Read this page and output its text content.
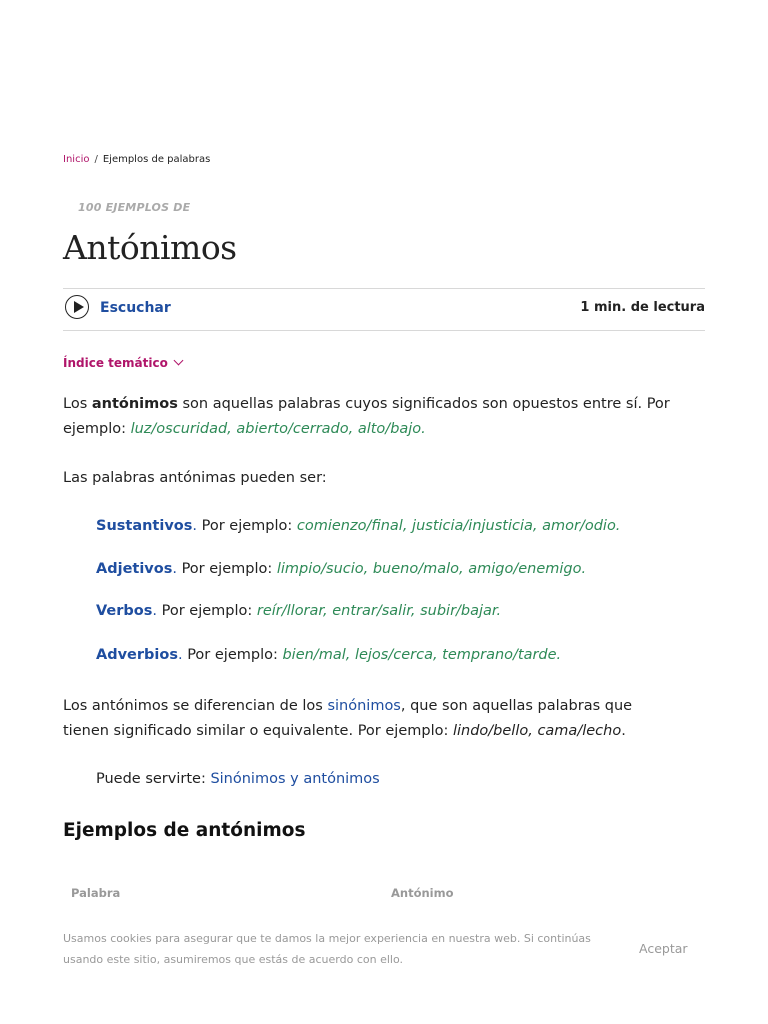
Inicio / Ejemplos de palabras
100 EJEMPLOS DE
Antónimos
Escuchar	1 min. de lectura
Índice temático

Los antónimos son aquellas palabras cuyos significados son opuestos entre sí. Por ejemplo: luz/oscuridad, abierto/cerrado, alto/bajo.

Las palabras antónimas pueden ser:

Sustantivos. Por ejemplo: comienzo/final, justicia/injusticia, amor/odio.
Adjetivos. Por ejemplo: limpio/sucio, bueno/malo, amigo/enemigo.
Verbos. Por ejemplo: reír/llorar, entrar/salir, subir/bajar.
Adverbios. Por ejemplo: bien/mal, lejos/cerca, temprano/tarde.

Los antónimos se diferencian de los sinónimos, que son aquellas palabras que tienen significado similar o equivalente. Por ejemplo: lindo/bello, cama/lecho.

Puede servirte: Sinónimos y antónimos
Ejemplos de antónimos
Palabra	Antónimo
Usamos cookies para asegurar que te damos la mejor experiencia en nuestra web. Si continúas usando este sitio, asumiremos que estás de acuerdo con ello.
Aceptar
